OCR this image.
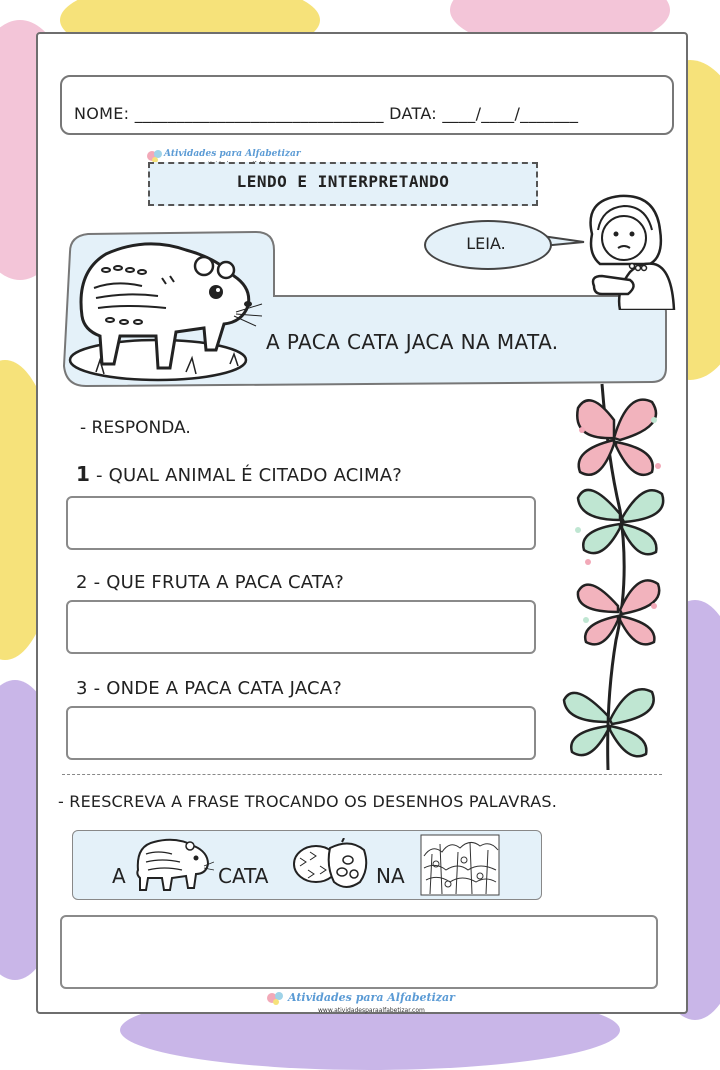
NOME: ______________________________ DATA: ____/____/_______
Atividades para Alfabetizar
LENDO E INTERPRETANDO
A PACA CATA JACA NA MATA.
LEIA.
- RESPONDA.
1 - QUAL ANIMAL É CITADO ACIMA?
2 - QUE FRUTA A PACA CATA?
3 - ONDE A PACA CATA JACA?
- REESCREVA A FRASE TROCANDO OS DESENHOS PALAVRAS.
A	CATA	NA
Atividades para Alfabetizar
www.atividadesparaalfabetizar.com
